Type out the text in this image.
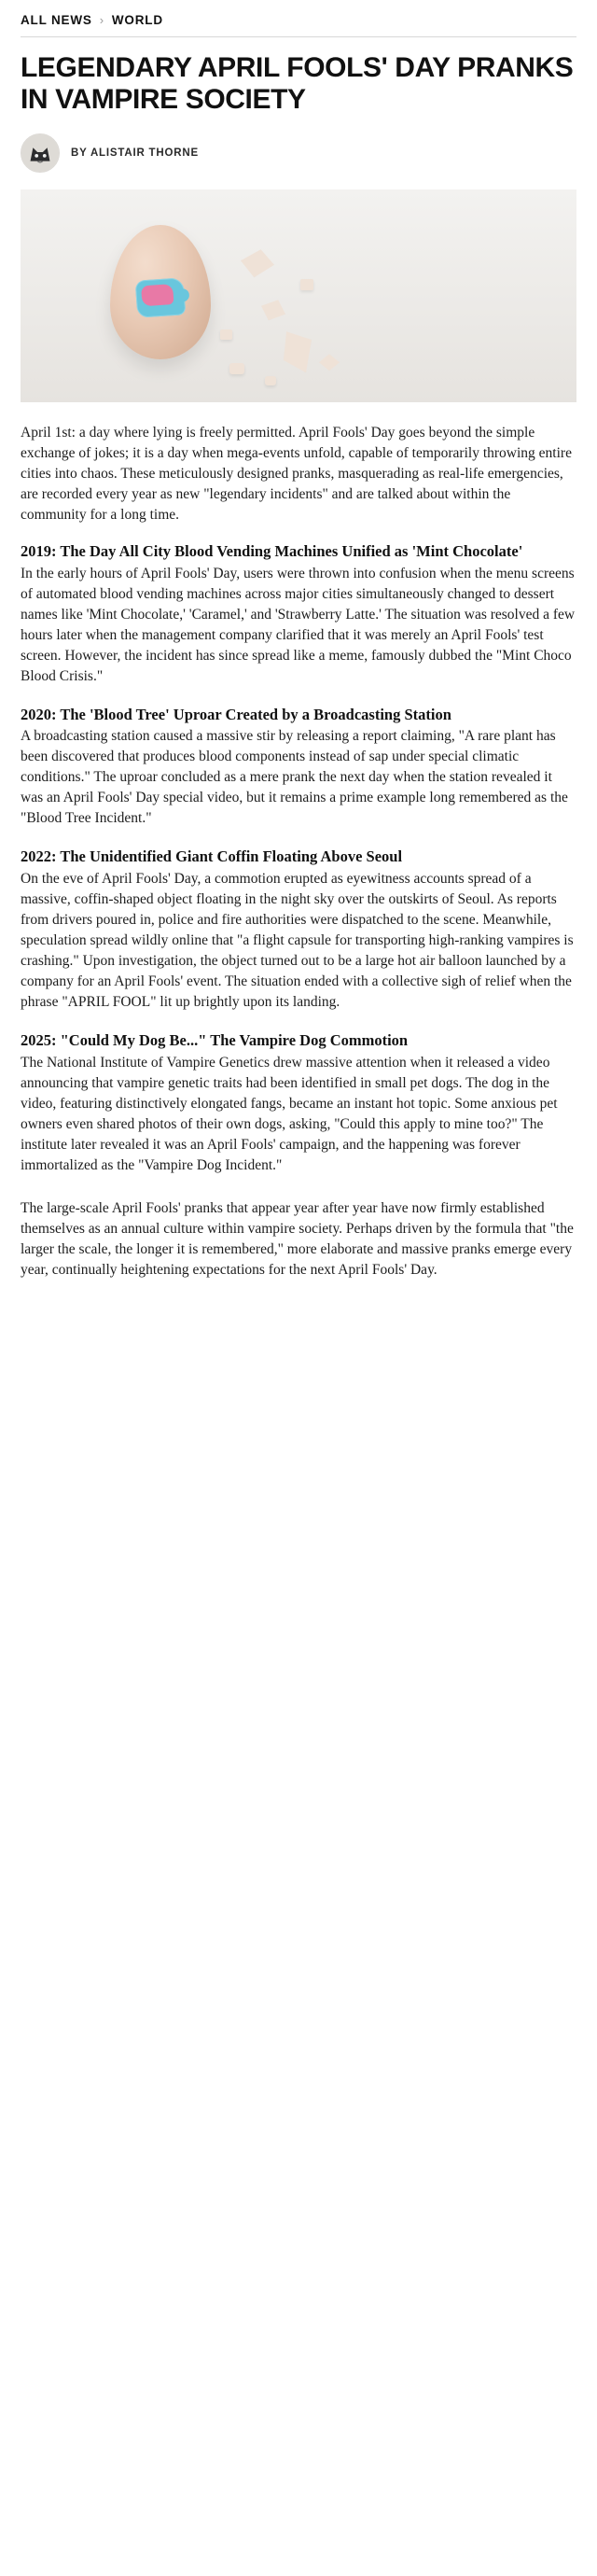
ALL NEWS › WORLD
LEGENDARY APRIL FOOLS' DAY PRANKS IN VAMPIRE SOCIETY
BY ALISTAIR THORNE

April 1st: a day where lying is freely permitted. April Fools' Day goes beyond the simple exchange of jokes; it is a day when mega-events unfold, capable of temporarily throwing entire cities into chaos. These meticulously designed pranks, masquerading as real-life emergencies, are recorded every year as new "legendary incidents" and are talked about within the community for a long time.

2019: The Day All City Blood Vending Machines Unified as 'Mint Chocolate'

In the early hours of April Fools' Day, users were thrown into confusion when the menu screens of automated blood vending machines across major cities simultaneously changed to dessert names like 'Mint Chocolate,' 'Caramel,' and 'Strawberry Latte.' The situation was resolved a few hours later when the management company clarified that it was merely an April Fools' test screen. However, the incident has since spread like a meme, famously dubbed the "Mint Choco Blood Crisis."

2020: The 'Blood Tree' Uproar Created by a Broadcasting Station

A broadcasting station caused a massive stir by releasing a report claiming, "A rare plant has been discovered that produces blood components instead of sap under special climatic conditions." The uproar concluded as a mere prank the next day when the station revealed it was an April Fools' Day special video, but it remains a prime example long remembered as the "Blood Tree Incident."

2022: The Unidentified Giant Coffin Floating Above Seoul

On the eve of April Fools' Day, a commotion erupted as eyewitness accounts spread of a massive, coffin-shaped object floating in the night sky over the outskirts of Seoul. As reports from drivers poured in, police and fire authorities were dispatched to the scene. Meanwhile, speculation spread wildly online that "a flight capsule for transporting high-ranking vampires is crashing." Upon investigation, the object turned out to be a large hot air balloon launched by a company for an April Fools' event. The situation ended with a collective sigh of relief when the phrase "APRIL FOOL" lit up brightly upon its landing.

2025: "Could My Dog Be..." The Vampire Dog Commotion

The National Institute of Vampire Genetics drew massive attention when it released a video announcing that vampire genetic traits had been identified in small pet dogs. The dog in the video, featuring distinctively elongated fangs, became an instant hot topic. Some anxious pet owners even shared photos of their own dogs, asking, "Could this apply to mine too?" The institute later revealed it was an April Fools' campaign, and the happening was forever immortalized as the "Vampire Dog Incident."

The large-scale April Fools' pranks that appear year after year have now firmly established themselves as an annual culture within vampire society. Perhaps driven by the formula that "the larger the scale, the longer it is remembered," more elaborate and massive pranks emerge every year, continually heightening expectations for the next April Fools' Day.
